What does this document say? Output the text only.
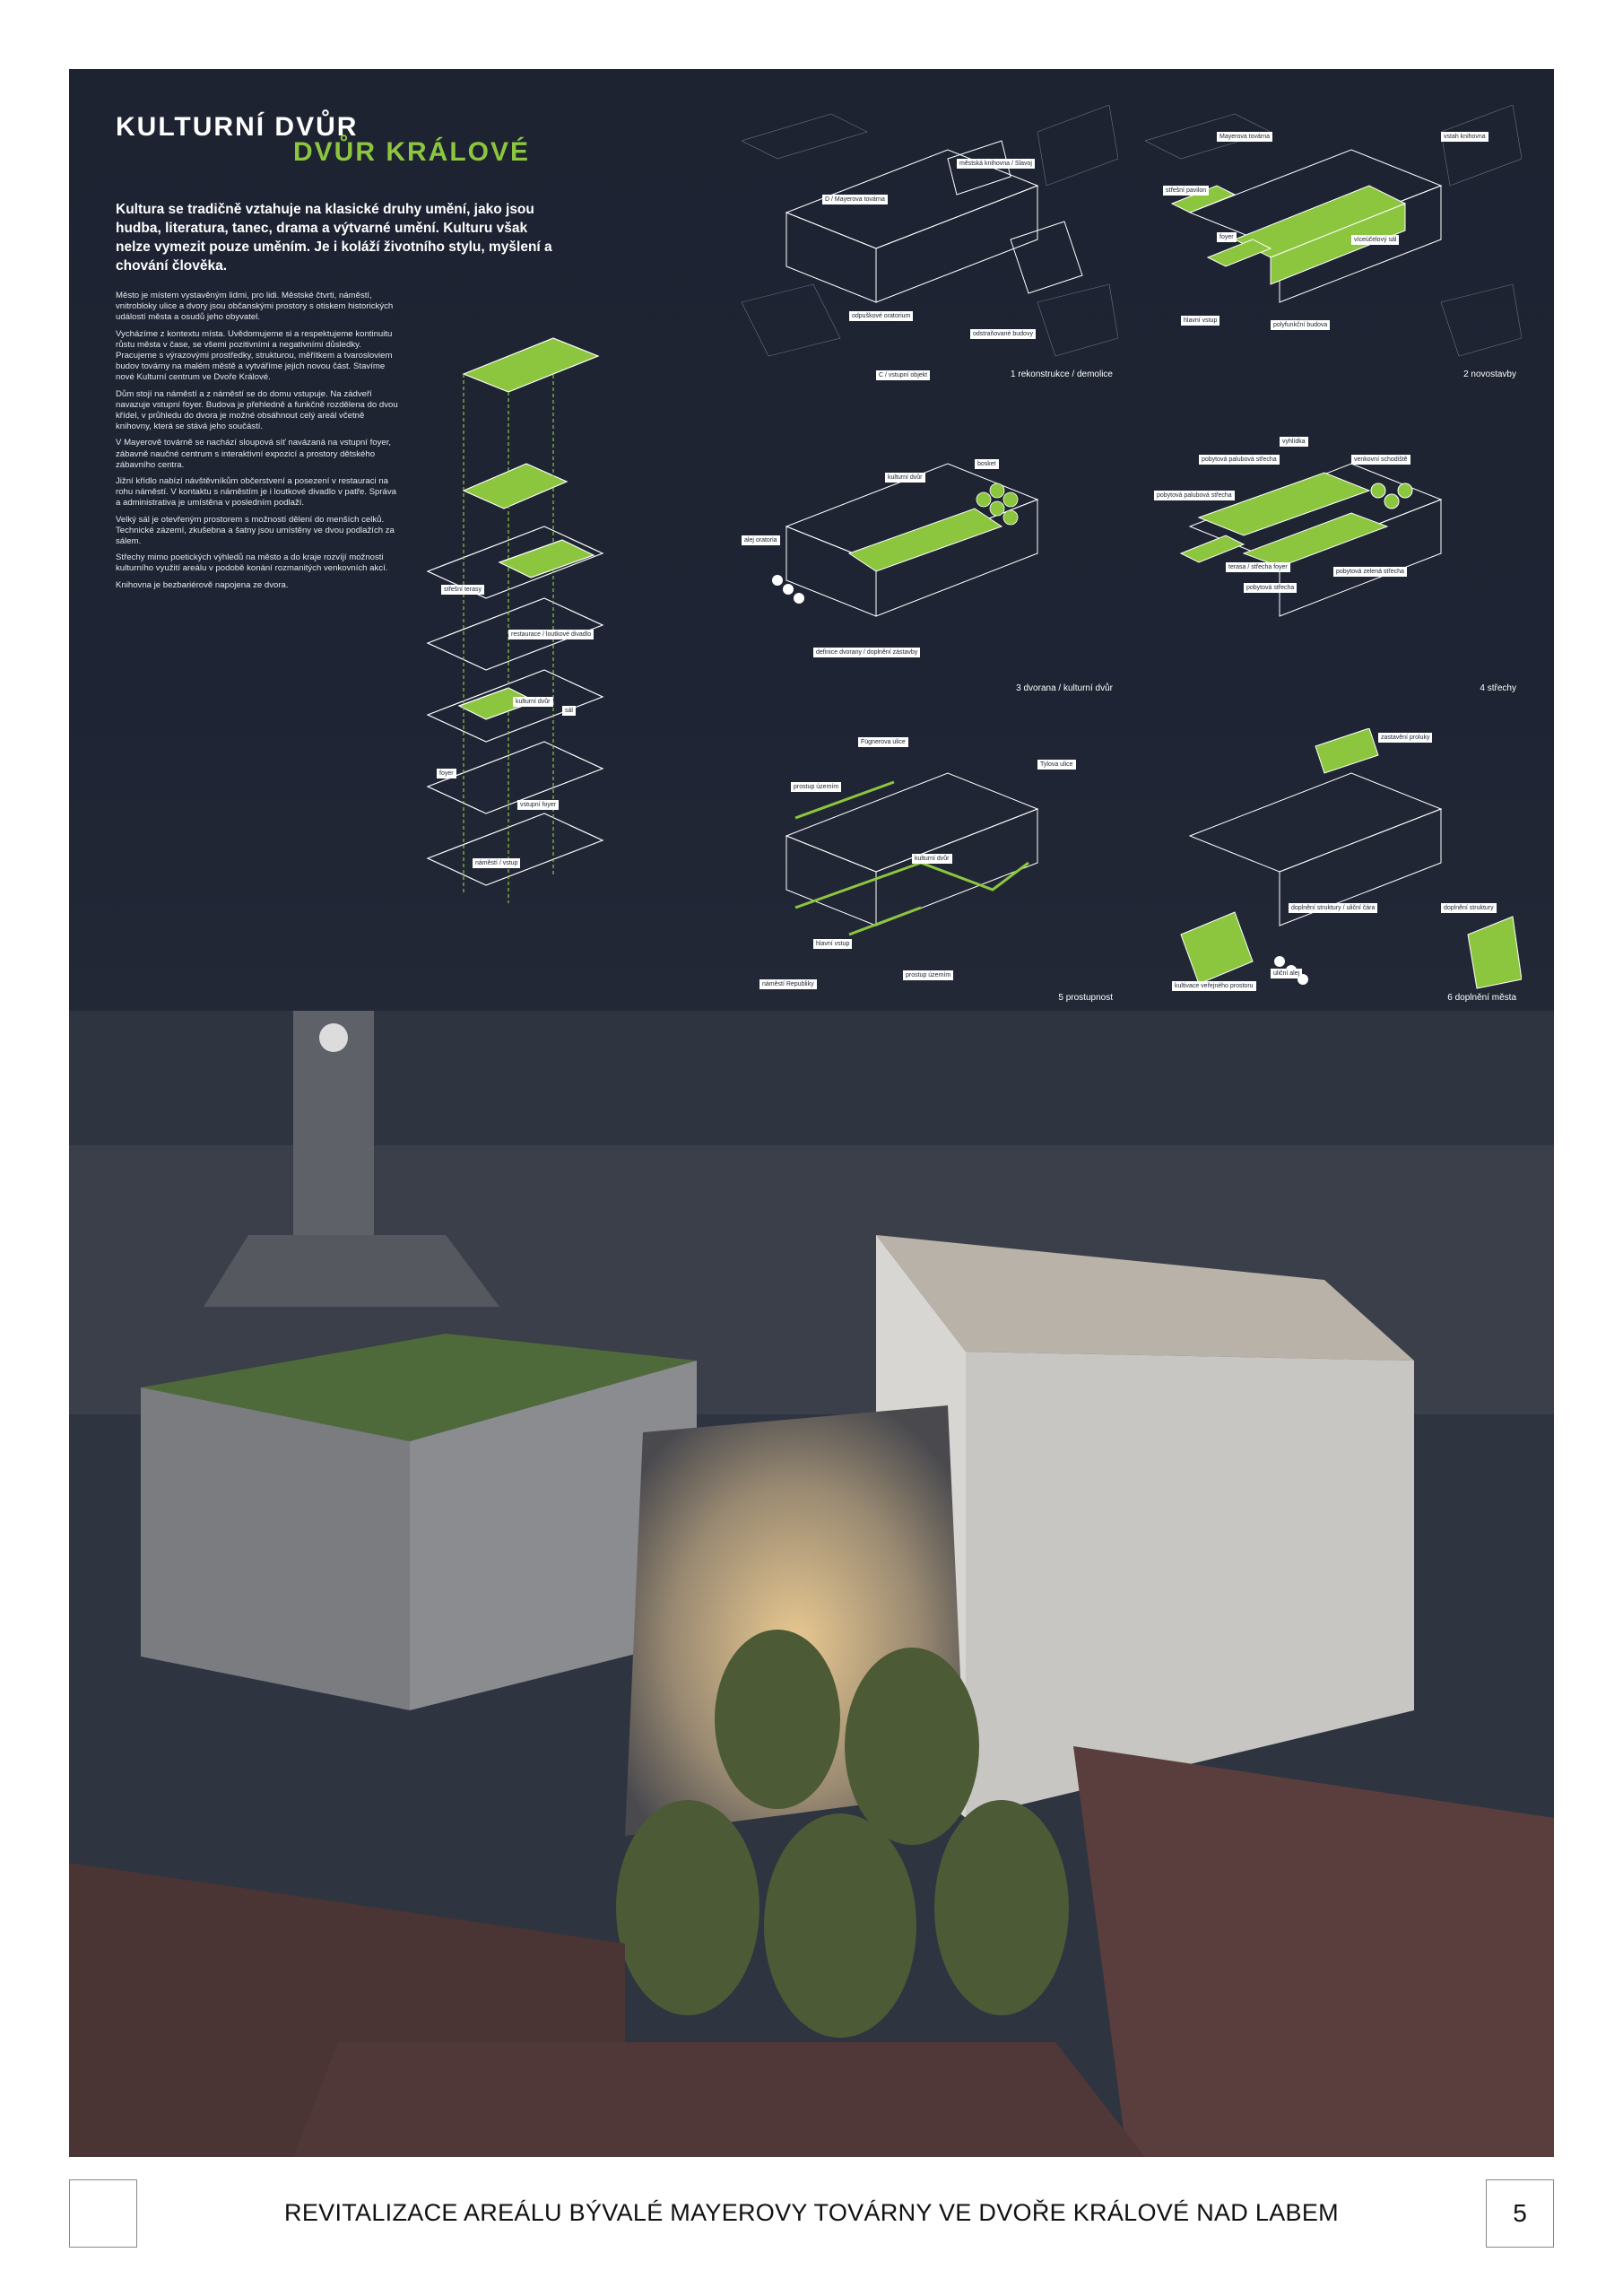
KULTURNÍ DVŮR
DVŮR KRÁLOVÉ
Kultura se tradičně vztahuje na klasické druhy umění, jako jsou hudba, literatura, tanec, drama a výtvarné umění. Kulturu však nelze vymezit pouze uměním. Je i koláží životního stylu, myšlení a chování člověka.

Město je místem vystavěným lidmi, pro lidi. Městské čtvrti, náměstí, vnitrobloky ulice a dvory jsou občanskými prostory s otiskem historických událostí města a osudů jeho obyvatel.

Vycházíme z kontextu místa. Uvědomujeme si a respektujeme kontinuitu růstu města v čase, se všemi pozitivními a negativními důsledky. Pracujeme s výrazovými prostředky, strukturou, měřítkem a tvarosloviem budov továrny na malém městě a vytváříme jejich novou část. Stavíme nové Kulturní centrum ve Dvoře Králové.

Dům stojí na náměstí a z náměstí se do domu vstupuje. Na zádveří navazuje vstupní foyer. Budova je přehledně a funkčně rozdělena do dvou křídel, v průhledu do dvora je možné obsáhnout celý areál včetně knihovny, která se stává jeho součástí.

V Mayerově továrně se nachází sloupová síť navázaná na vstupní foyer, zábavně naučné centrum s interaktivní expozicí a prostory dětského zábavního centra.

Jižní křídlo nabízí návštěvníkům občerstvení a posezení v restauraci na rohu náměstí. V kontaktu s náměstím je i loutkové divadlo v patře. Správa a administrativa je umístěna v posledním podlaží.

Velký sál je otevřeným prostorem s možností dělení do menších celků. Technické zázemí, zkušebna a šatny jsou umístěny ve dvou podlažích za sálem.

Střechy mimo poetických výhledů na město a do kraje rozvíjí možnosti kulturního využití areálu v podobě konání rozmanitých venkovních akcí.

Knihovna je bezbariérově napojena ze dvora.	střešní terasy
restaurace / loutkové divadlo
kulturní dvůr
sál
foyer
vstupní foyer
náměstí / vstup
městská knihovna / Slavoj
D / Mayerova továrna
C / vstupní objekt
odpuškové oratorium
odstraňované budovy
1 rekonstrukce / demolice
Mayerova továrna	vstah knihovna
střešní pavilon
foyer	víceúčelový sál
hlavní vstup
polyfunkční budova
2 novostavby
kulturní dvůr
bosket
alej oratoria
definice dvorany / doplnění zástavby
3 dvorana / kulturní dvůr
vyhlídka
pobytová palubová střecha	venkovní schodiště
pobytová palubová střecha
terasa / střecha foyer
pobytová zelená střecha
pobytová střecha
4 střechy
Fügnerova ulice
Tylova ulice
prostup územím
kulturní dvůr
hlavní vstup
náměstí Republiky
prostup územím
5 prostupnost
zastavění proluky
doplnění struktury / uliční čára	doplnění struktury
kultivace veřejného prostoru
uliční alej
6 doplnění města
REVITALIZACE AREÁLU BÝVALÉ MAYEROVY TOVÁRNY VE DVOŘE KRÁLOVÉ NAD LABEM	5
